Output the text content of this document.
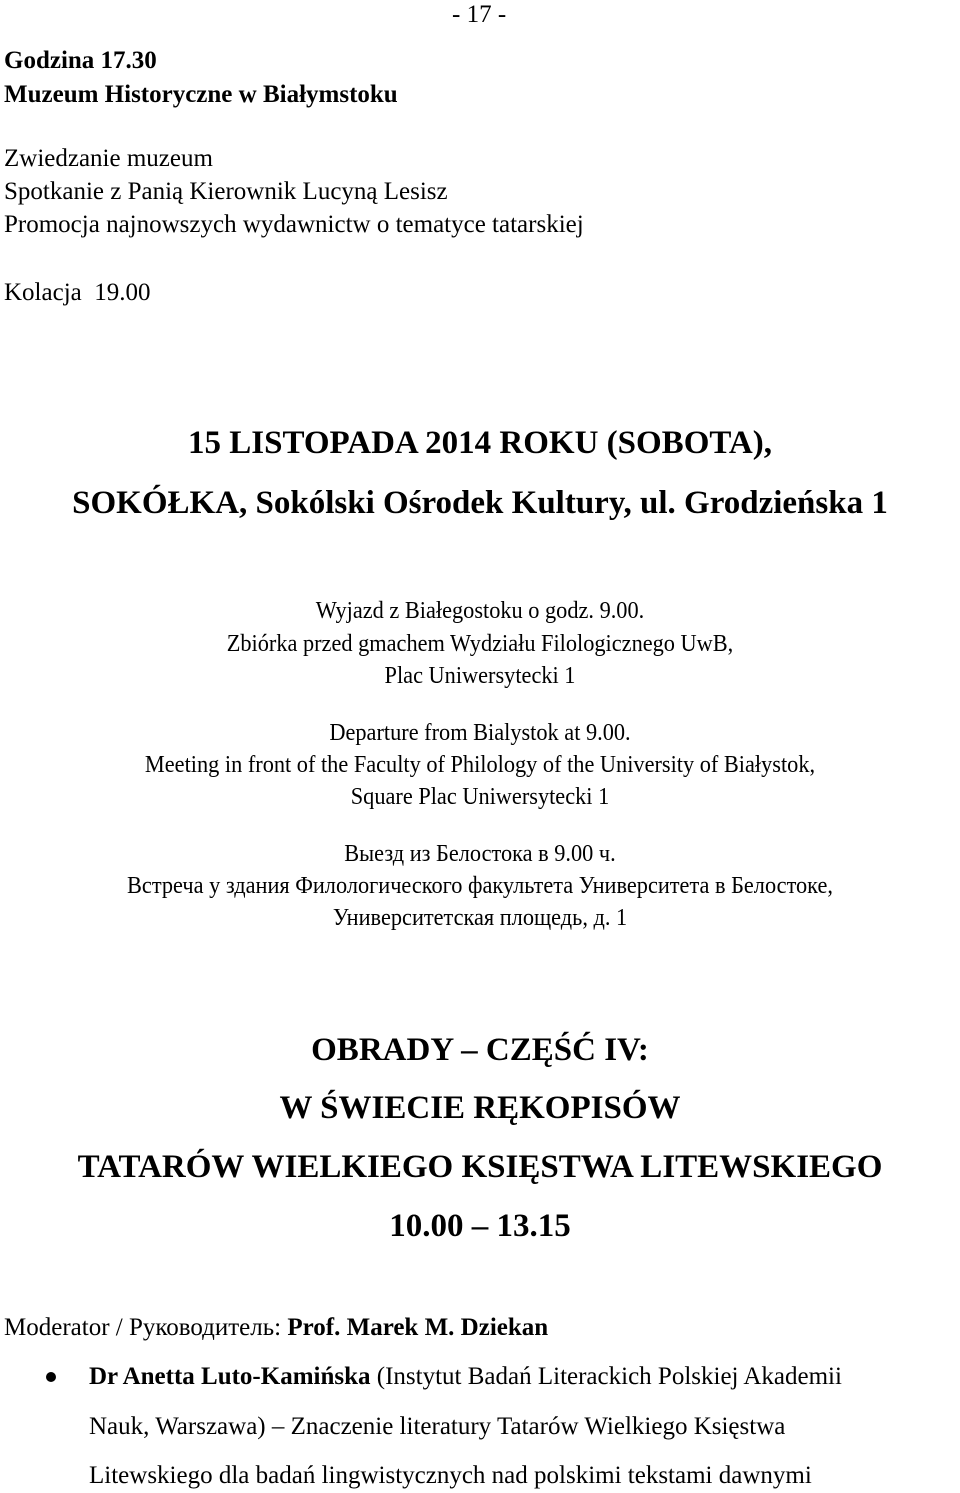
- 17 -

Godzina 17.30

Muzeum Historyczne w Białymstoku

Zwiedzanie muzeum

Spotkanie z Panią Kierownik Lucyną Lesisz

Promocja najnowszych wydawnictw o tematyce tatarskiej

Kolacja  19.00

15 LISTOPADA 2014 ROKU (SOBOTA),

SOKÓŁKA, Sokólski Ośrodek Kultury, ul. Grodzieńska 1

Wyjazd z Białegostoku o godz. 9.00.

Zbiórka przed gmachem Wydziału Filologicznego UwB,

Plac Uniwersytecki 1

Departure from Bialystok at 9.00.

Meeting in front of the Faculty of Philology of the University of Białystok,

Square Plac Uniwersytecki 1

Выезд из Белостока в 9.00 ч.

Встреча у здания Филологического факультета Университета в Белостоке,

Университетская площедь, д. 1

OBRADY – CZĘŚĆ IV:

W ŚWIECIE RĘKOPISÓW

TATARÓW WIELKIEGO KSIĘSTWA LITEWSKIEGO

10.00 – 13.15

Moderator / Руководитель: Prof. Marek M. Dziekan

Dr Anetta Luto-Kamińska (Instytut Badań Literackich Polskiej Akademii

Nauk, Warszawa) – Znaczenie literatury Tatarów Wielkiego Księstwa

Litewskiego dla badań lingwistycznych nad polskimi tekstami dawnymi
